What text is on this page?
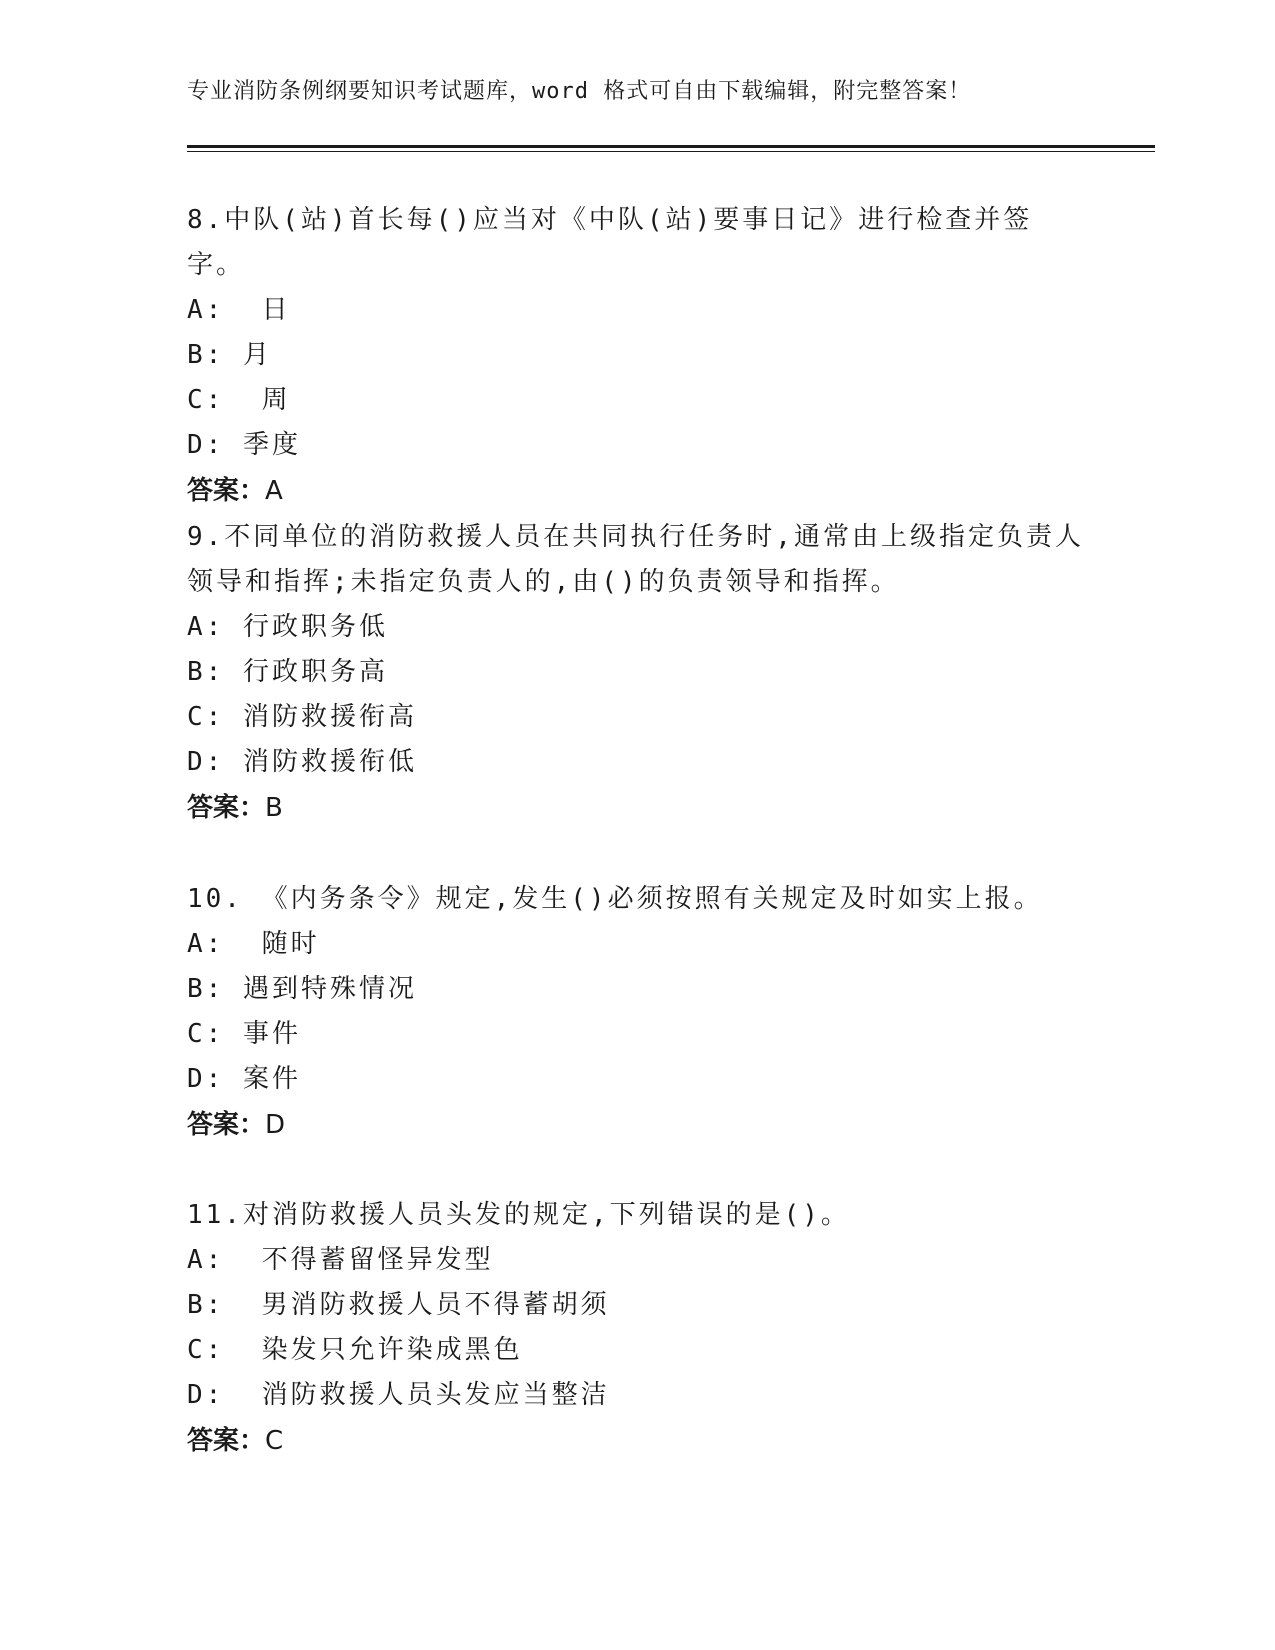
专业消防条例纲要知识考试题库，word 格式可自由下载编辑，附完整答案！

8.中队(站)首长每()应当对《中队(站)要事日记》进行检查并签字。

A:  日

B: 月

C:  周

D: 季度

答案：A

9.不同单位的消防救援人员在共同执行任务时,通常由上级指定负责人领导和指挥;未指定负责人的,由()的负责领导和指挥。

A: 行政职务低

B: 行政职务高

C: 消防救援衔高

D: 消防救援衔低

答案：B

10. 《内务条令》规定,发生()必须按照有关规定及时如实上报。

A:  随时

B: 遇到特殊情况

C: 事件

D: 案件

答案：D

11.对消防救援人员头发的规定,下列错误的是()。

A:  不得蓄留怪异发型

B:  男消防救援人员不得蓄胡须

C:  染发只允许染成黑色

D:  消防救援人员头发应当整洁

答案：C
